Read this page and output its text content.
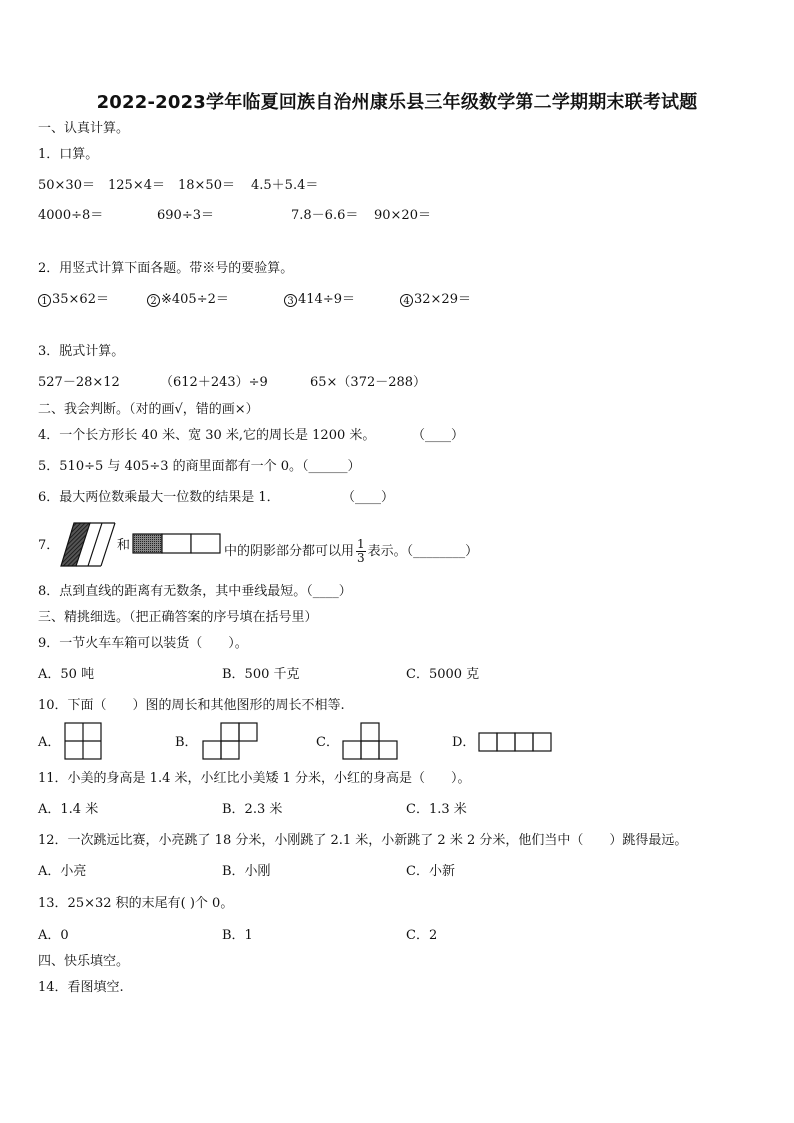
2022-2023学年临夏回族自治州康乐县三年级数学第二学期期末联考试题
一、认真计算。
1．口算。
50×30＝ 125×4＝ 18×50＝ 4.5＋5.4＝
4000÷8＝	690÷3＝	7.8－6.6＝ 90×20＝
2．用竖式计算下面各题。带※号的要验算。
1 35×62＝	2 ※405÷2＝	3 414÷9＝	4 32×29＝
3．脱式计算。
527－28×12	（612＋243）÷9	65×（372－288）
二、我会判断。（对的画√，错的画×）
4．一个长方形长 40 米、宽 30 米,它的周长是 1200 米。	（____）
5．510÷5 与 405÷3 的商里面都有一个 0。（______）
6．最大两位数乘最大一位数的结果是 1．	（____）
7．	和	中的阴影部分都可以用 $\frac{1}{3}$ 表示。（________）
8．点到直线的距离有无数条，其中垂线最短。（____）
三、精挑细选。（把正确答案的序号填在括号里）
9．一节火车车箱可以装货（　　）。
A．50 吨	B．500 千克	C．5000 克
10．下面（　　）图的周长和其他图形的周长不相等.
A．	B．	C．	D．
11．小美的身高是 1.4 米，小红比小美矮 1 分米，小红的身高是（　　）。
A．1.4 米	B．2.3 米	C．1.3 米
12．一次跳远比赛，小亮跳了 18 分米，小刚跳了 2.1 米，小新跳了 2 米 2 分米，他们当中（　　）跳得最远。
A．小亮	B．小刚	C．小新
13．25×32 积的末尾有( )个 0。
A．0	B．1	C．2
四、快乐填空。
14．看图填空.
